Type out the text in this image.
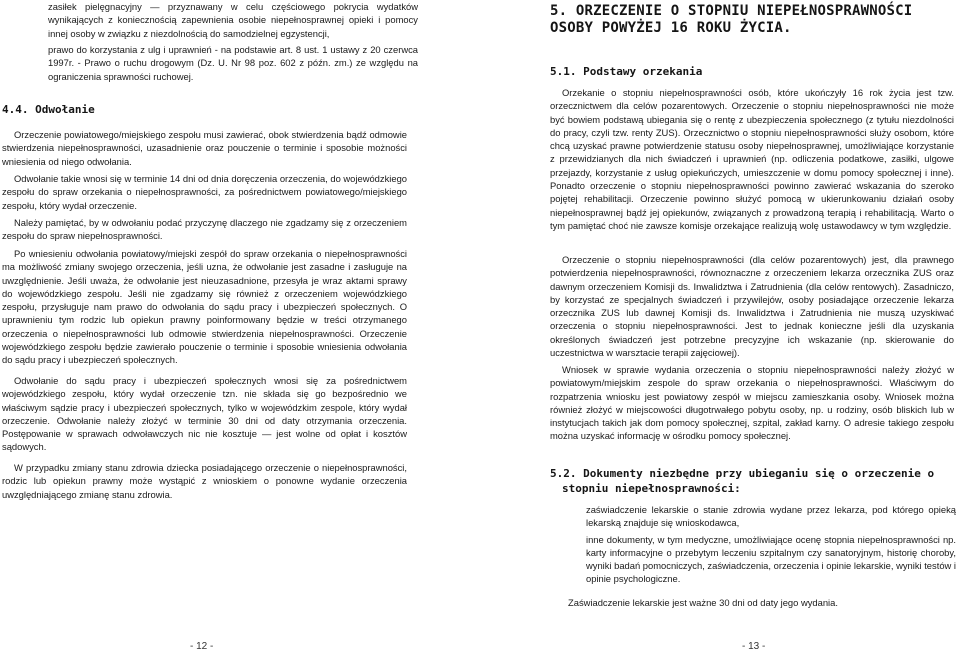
zasiłek pielęgnacyjny — przyznawany w celu częściowego pokrycia wydatków wynikających z koniecznością zapewnienia osobie niepełnosprawnej opieki i pomocy innej osoby w związku z niezdolnością do samodzielnej egzystencji,

prawo do korzystania z ulg i uprawnień - na podstawie art. 8 ust. 1 ustawy z 20 czerwca 1997r. - Prawo o ruchu drogowym (Dz. U. Nr 98 poz. 602 z późn. zm.) ze względu na ograniczenia sprawności ruchowej.

4.4. Odwołanie

Orzeczenie powiatowego/miejskiego zespołu musi zawierać, obok stwierdzenia bądź odmowie stwierdzenia niepełnosprawności, uzasadnienie oraz pouczenie o terminie i sposobie możności wniesienia od niego odwołania.

Odwołanie takie wnosi się w terminie 14 dni od dnia doręczenia orzeczenia, do wojewódzkiego zespołu do spraw orzekania o niepełnosprawności, za pośrednictwem powiatowego/miejskiego zespołu, który wydał orzeczenie.

Należy pamiętać, by w odwołaniu podać przyczynę dlaczego nie zgadzamy się z orzeczeniem zespołu do spraw niepełnosprawności.

Po wniesieniu odwołania powiatowy/miejski zespół do spraw orzekania o niepełnosprawności ma możliwość zmiany swojego orzeczenia, jeśli uzna, że odwołanie jest zasadne i zasługuje na uwzględnienie. Jeśli uważa, że odwołanie jest nieuzasadnione, przesyła je wraz aktami sprawy do wojewódzkiego zespołu. Jeśli nie zgadzamy się również z orzeczeniem wojewódzkiego zespołu, przysługuje nam prawo do odwołania do sądu pracy i ubezpieczeń społecznych. O uprawnieniu tym rodzic lub opiekun prawny poinformowany będzie w treści otrzymanego orzeczenia o niepełnosprawności lub odmowie stwierdzenia niepełnosprawności. Orzeczenie wojewódzkiego zespołu będzie zawierało pouczenie o terminie i sposobie wniesienia odwołania do sądu pracy i ubezpieczeń społecznych.

Odwołanie do sądu pracy i ubezpieczeń społecznych wnosi się za pośrednictwem wojewódzkiego zespołu, który wydał orzeczenie tzn. nie składa się go bezpośrednio we właściwym sądzie pracy i ubezpieczeń społecznych, tylko w wojewódzkim zespole, który wydał orzeczenie. Odwołanie należy złożyć w terminie 30 dni od daty otrzymania orzeczenia. Postępowanie w sprawach odwoławczych nic nie kosztuje — jest wolne od opłat i kosztów sądowych.

W przypadku zmiany stanu zdrowia dziecka posiadającego orzeczenie o niepełnosprawności, rodzic lub opiekun prawny może wystąpić z wnioskiem o ponowne wydanie orzeczenia uwzględniającego zmianę stanu zdrowia.

- 12 -
5. ORZECZENIE O STOPNIU NIEPEŁNOSPRAWNOŚCI OSOBY POWYŻEJ 16 ROKU ŻYCIA.
5.1. Podstawy orzekania

Orzekanie o stopniu niepełnosprawności osób, które ukończyły 16 rok życia jest tzw. orzecznictwem dla celów pozarentowych. Orzeczenie o stopniu niepełnosprawności nie może być bowiem podstawą ubiegania się o rentę z ubezpieczenia społecznego (z tytułu niezdolności do pracy, czyli tzw. renty ZUS). Orzecznictwo o stopniu niepełnosprawności służy osobom, które chcą uzyskać prawne potwierdzenie statusu osoby niepełnosprawnej, umożliwiające korzystanie z przewidzianych dla nich świadczeń i uprawnień (np. odliczenia podatkowe, zasiłki, ulgowe przejazdy, korzystanie z usług opiekuńczych, umieszczenie w domu pomocy społecznej i inne). Ponadto orzeczenie o stopniu niepełnosprawności powinno zawierać wskazania do szeroko pojętej rehabilitacji. Orzeczenie powinno służyć pomocą w ukierunkowaniu działań osoby niepełnosprawnej bądź jej opiekunów, związanych z prowadzoną terapią i rehabilitacją. Warto o tym pamiętać choć nie zawsze komisje orzekające realizują wolę ustawodawcy w tym względzie.

Orzeczenie o stopniu niepełnosprawności (dla celów pozarentowych) jest, dla prawnego potwierdzenia niepełnosprawności, równoznaczne z orzeczeniem lekarza orzecznika ZUS oraz dawnym orzeczeniem Komisji ds. Inwalidztwa i Zatrudnienia (dla celów rentowych). Zasadniczo, by korzystać ze specjalnych świadczeń i przywilejów, osoby posiadające orzeczenie lekarza orzecznika ZUS lub dawnej Komisji ds. Inwalidztwa i Zatrudnienia nie muszą uzyskiwać orzeczenia o stopniu niepełnosprawności. Jest to jednak konieczne jeśli dla uzyskania określonych świadczeń jest potrzebne precyzyjne ich wskazanie (np. skierowanie do uczestnictwa w warsztacie terapii zajęciowej).

Wniosek w sprawie wydania orzeczenia o stopniu niepełnosprawności należy złożyć w powiatowym/miejskim zespole do spraw orzekania o niepełnosprawności. Właściwym do rozpatrzenia wniosku jest powiatowy zespół w miejscu zamieszkania osoby. Wniosek można również złożyć w miejscowości długotrwałego pobytu osoby, np. u rodziny, osób bliskich lub w instytucjach takich jak dom pomocy społecznej, szpital, zakład karny. O adresie takiego zespołu można uzyskać informację w ośrodku pomocy społecznej.

5.2. Dokumenty niezbędne przy ubieganiu się o orzeczenie o stopniu niepełnosprawności:
zaświadczenie lekarskie o stanie zdrowia wydane przez lekarza, pod którego opieką lekarską znajduje się wnioskodawca,
inne dokumenty, w tym medyczne, umożliwiające ocenę stopnia niepełnosprawności np. karty informacyjne o przebytym leczeniu szpitalnym czy sanatoryjnym, historię choroby, wyniki badań pomocniczych, zaświadczenia, orzeczenia i opinie lekarskie, wyniki testów i opinie psychologiczne.

Zaświadczenie lekarskie jest ważne 30 dni od daty jego wydania.

- 13 -
